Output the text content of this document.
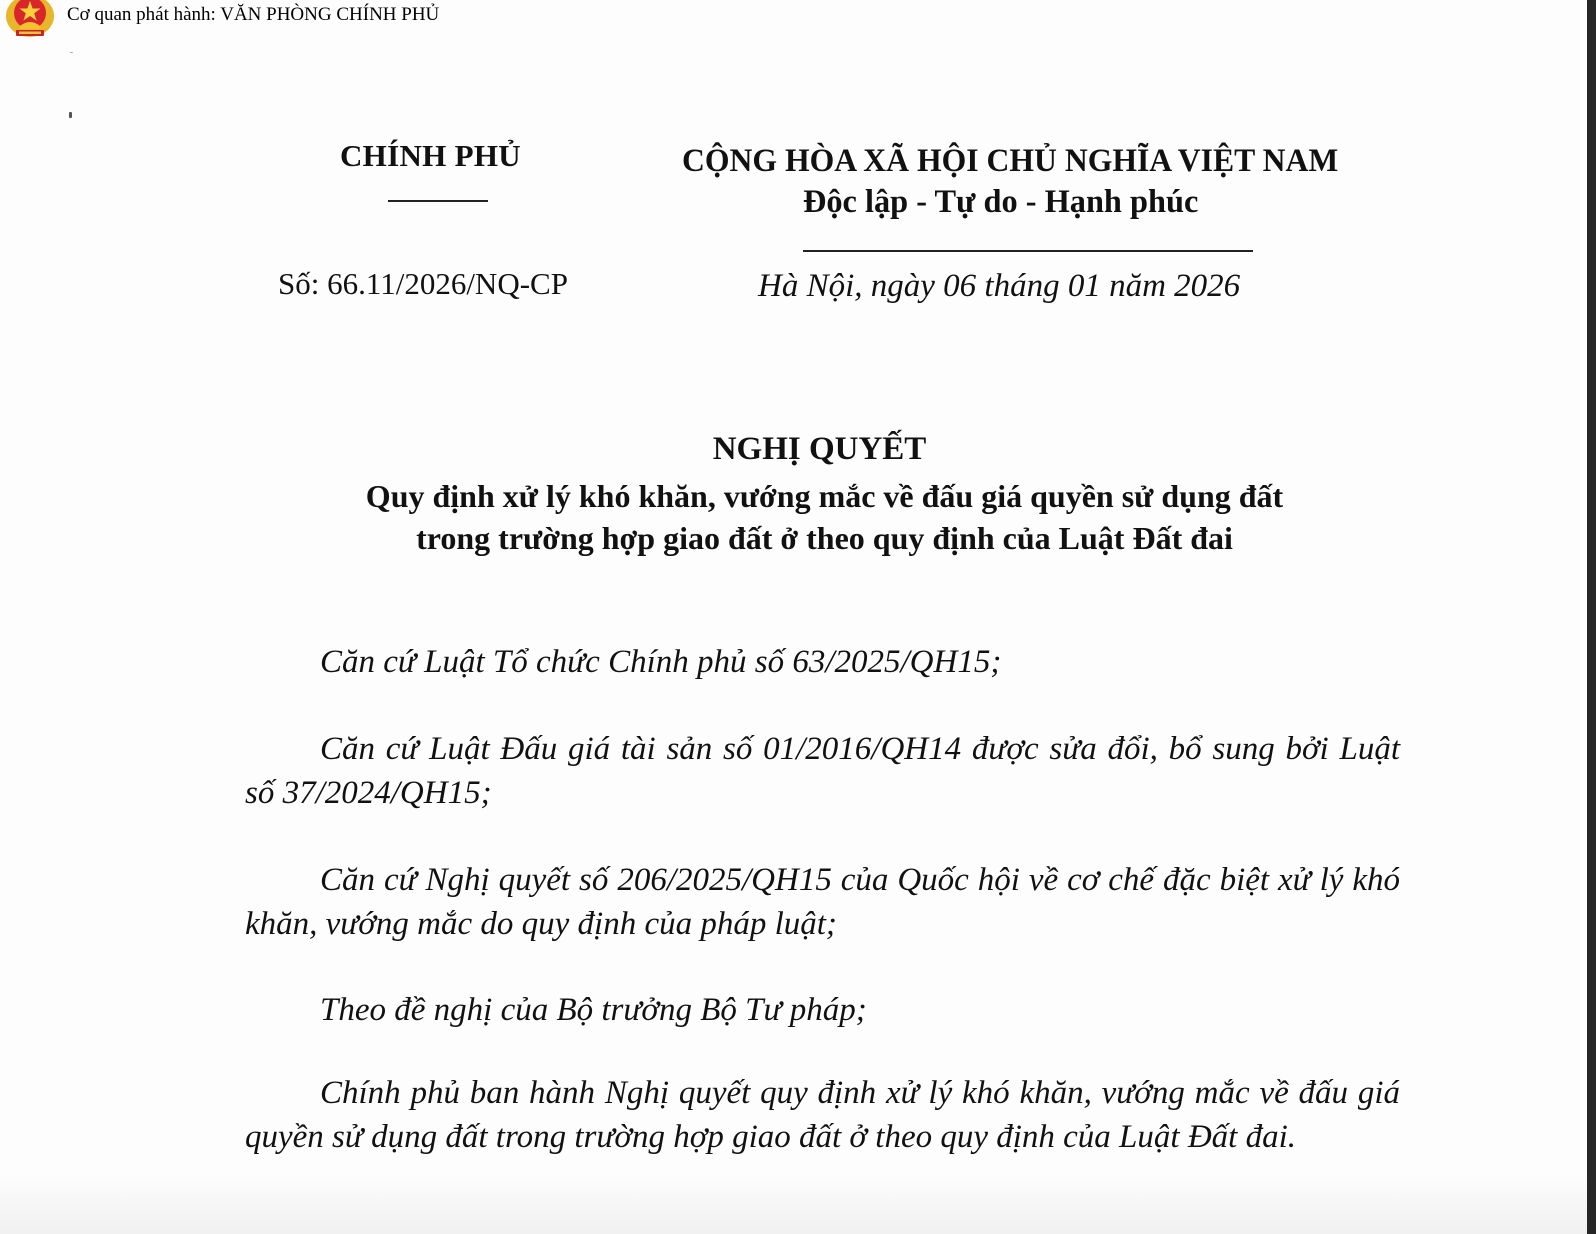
Cơ quan phát hành: VĂN PHÒNG CHÍNH PHỦ
CHÍNH PHỦ
Số: 66.11/2026/NQ-CP
CỘNG HÒA XÃ HỘI CHỦ NGHĨA VIỆT NAM
Độc lập - Tự do - Hạnh phúc
Hà Nội, ngày 06 tháng 01 năm 2026
NGHỊ QUYẾT
Quy định xử lý khó khăn, vướng mắc về đấu giá quyền sử dụng đất
trong trường hợp giao đất ở theo quy định của Luật Đất đai

Căn cứ Luật Tổ chức Chính phủ số 63/2025/QH15;

Căn cứ Luật Đấu giá tài sản số 01/2016/QH14 được sửa đổi, bổ sung bởi Luật số 37/2024/QH15;

Căn cứ Nghị quyết số 206/2025/QH15 của Quốc hội về cơ chế đặc biệt xử lý khó khăn, vướng mắc do quy định của pháp luật;

Theo đề nghị của Bộ trưởng Bộ Tư pháp;

Chính phủ ban hành Nghị quyết quy định xử lý khó khăn, vướng mắc về đấu giá quyền sử dụng đất trong trường hợp giao đất ở theo quy định của Luật Đất đai.
